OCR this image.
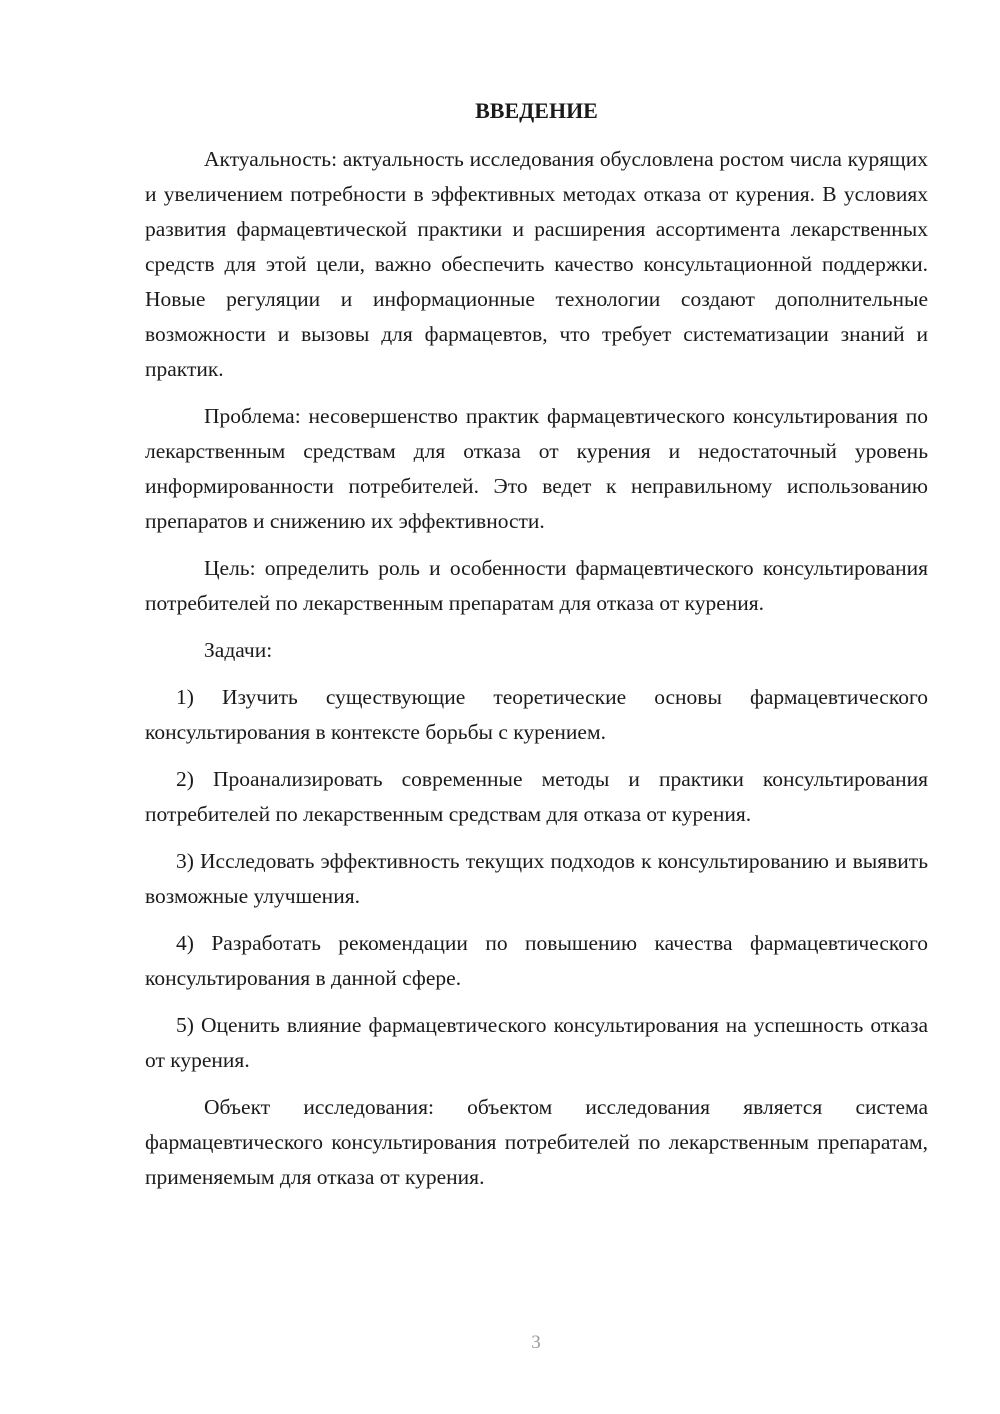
ВВЕДЕНИЕ

Актуальность: актуальность исследования обусловлена ростом числа курящих и увеличением потребности в эффективных методах отказа от курения. В условиях развития фармацевтической практики и расширения ассортимента лекарственных средств для этой цели, важно обеспечить качество консультационной поддержки. Новые регуляции и информационные технологии создают дополнительные возможности и вызовы для фармацевтов, что требует систематизации знаний и практик.

Проблема: несовершенство практик фармацевтического консультирования по лекарственным средствам для отказа от курения и недостаточный уровень информированности потребителей. Это ведет к неправильному использованию препаратов и снижению их эффективности.

Цель: определить роль и особенности фармацевтического консультирования потребителей по лекарственным препаратам для отказа от курения.

Задачи:

1) Изучить существующие теоретические основы фармацевтического консультирования в контексте борьбы с курением.

2) Проанализировать современные методы и практики консультирования потребителей по лекарственным средствам для отказа от курения.

3) Исследовать эффективность текущих подходов к консультированию и выявить возможные улучшения.

4) Разработать рекомендации по повышению качества фармацевтического консультирования в данной сфере.

5) Оценить влияние фармацевтического консультирования на успешность отказа от курения.

Объект исследования: объектом исследования является система фармацевтического консультирования потребителей по лекарственным препаратам, применяемым для отказа от курения.

3
